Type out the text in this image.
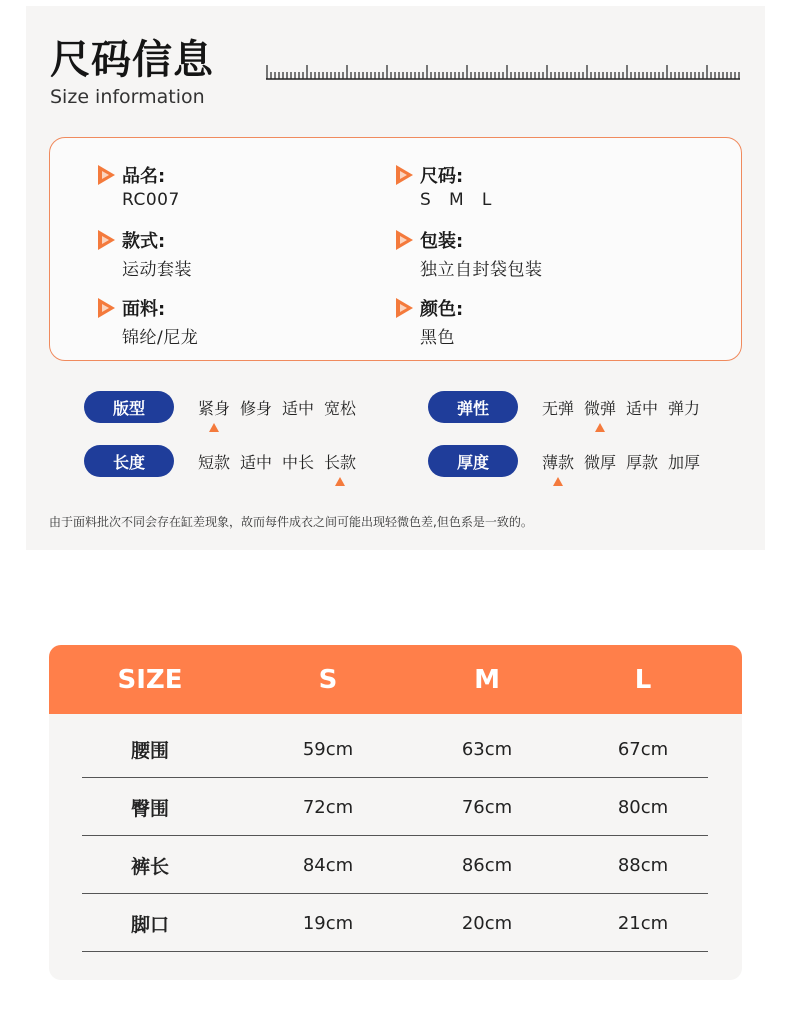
尺码信息
Size information
品名:
RC007
尺码:
S   M   L
款式:
运动套装
包装:
独立自封袋包装
面料:
锦纶/尼龙
颜色:
黑色
版型	紧身 修身 适中 宽松	弹性	无弹 微弹 适中 弹力
长度	短款 适中 中长 长款	厚度	薄款 微厚 厚款 加厚
由于面料批次不同会存在缸差现象，故而每件成衣之间可能出现轻微色差,但色系是一致的。
SIZE	S	M	L
腰围	59cm	63cm	67cm
臀围	72cm	76cm	80cm
裤长	84cm	86cm	88cm
脚口	19cm	20cm	21cm
